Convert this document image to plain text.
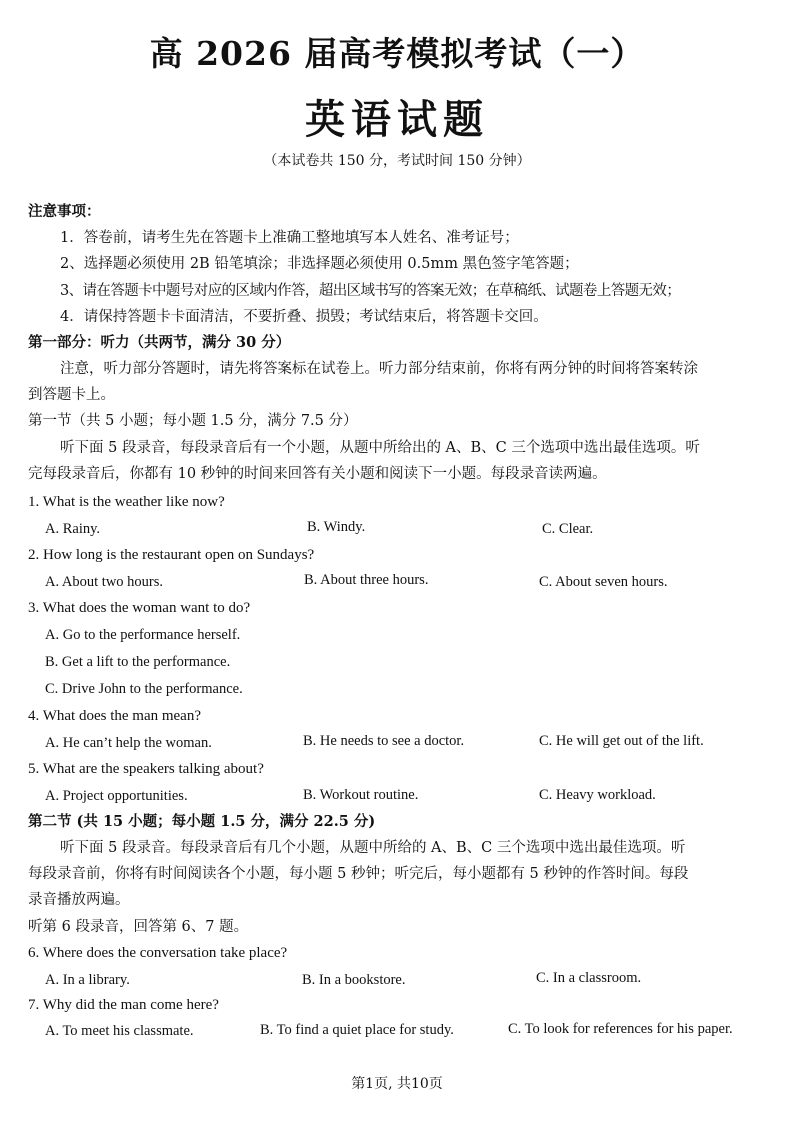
高 2026 届高考模拟考试（一）
英语试题
（本试卷共 150 分，考试时间 150 分钟）
注意事项：
1．答卷前，请考生先在答题卡上准确工整地填写本人姓名、准考证号；
2、选择题必须使用 2B 铅笔填涂；非选择题必须使用 0.5mm 黑色签字笔答题；
3、请在答题卡中题号对应的区域内作答，超出区域书写的答案无效；在草稿纸、试题卷上答题无效；
4．请保持答题卡卡面清洁，不要折叠、损毁；考试结束后，将答题卡交回。
第一部分：听力（共两节，满分 30 分）
注意，听力部分答题时，请先将答案标在试卷上。听力部分结束前，你将有两分钟的时间将答案转涂
到答题卡上。
第一节（共 5 小题；每小题 1.5 分，满分 7.5 分）
听下面 5 段录音，每段录音后有一个小题，从题中所给出的 A、B、C 三个选项中选出最佳选项。听
完每段录音后，你都有 10 秒钟的时间来回答有关小题和阅读下一小题。每段录音读两遍。
1. What is the weather like now?
A. Rainy.	B. Windy.	C. Clear.
2. How long is the restaurant open on Sundays?
A. About two hours.	B. About three hours.	C. About seven hours.
3. What does the woman want to do?
A. Go to the performance herself.
B. Get a lift to the performance.
C. Drive John to the performance.
4. What does the man mean?
A. He can’t help the woman.	B. He needs to see a doctor.	C. He will get out of the lift.
5. What are the speakers talking about?
A. Project opportunities.	B. Workout routine.	C. Heavy workload.
第二节 (共 15 小题；每小题 1.5 分，满分 22.5 分)
听下面 5 段录音。每段录音后有几个小题，从题中所给的 A、B、C 三个选项中选出最佳选项。听
每段录音前，你将有时间阅读各个小题，每小题 5 秒钟；听完后，每小题都有 5 秒钟的作答时间。每段
录音播放两遍。
听第 6 段录音，回答第 6、7 题。
6. Where does the conversation take place?
A. In a library.	B. In a bookstore.	C. In a classroom.
7. Why did the man come here?
A. To meet his classmate.	B. To find a quiet place for study.	C. To look for references for his paper.
第1页, 共10页
